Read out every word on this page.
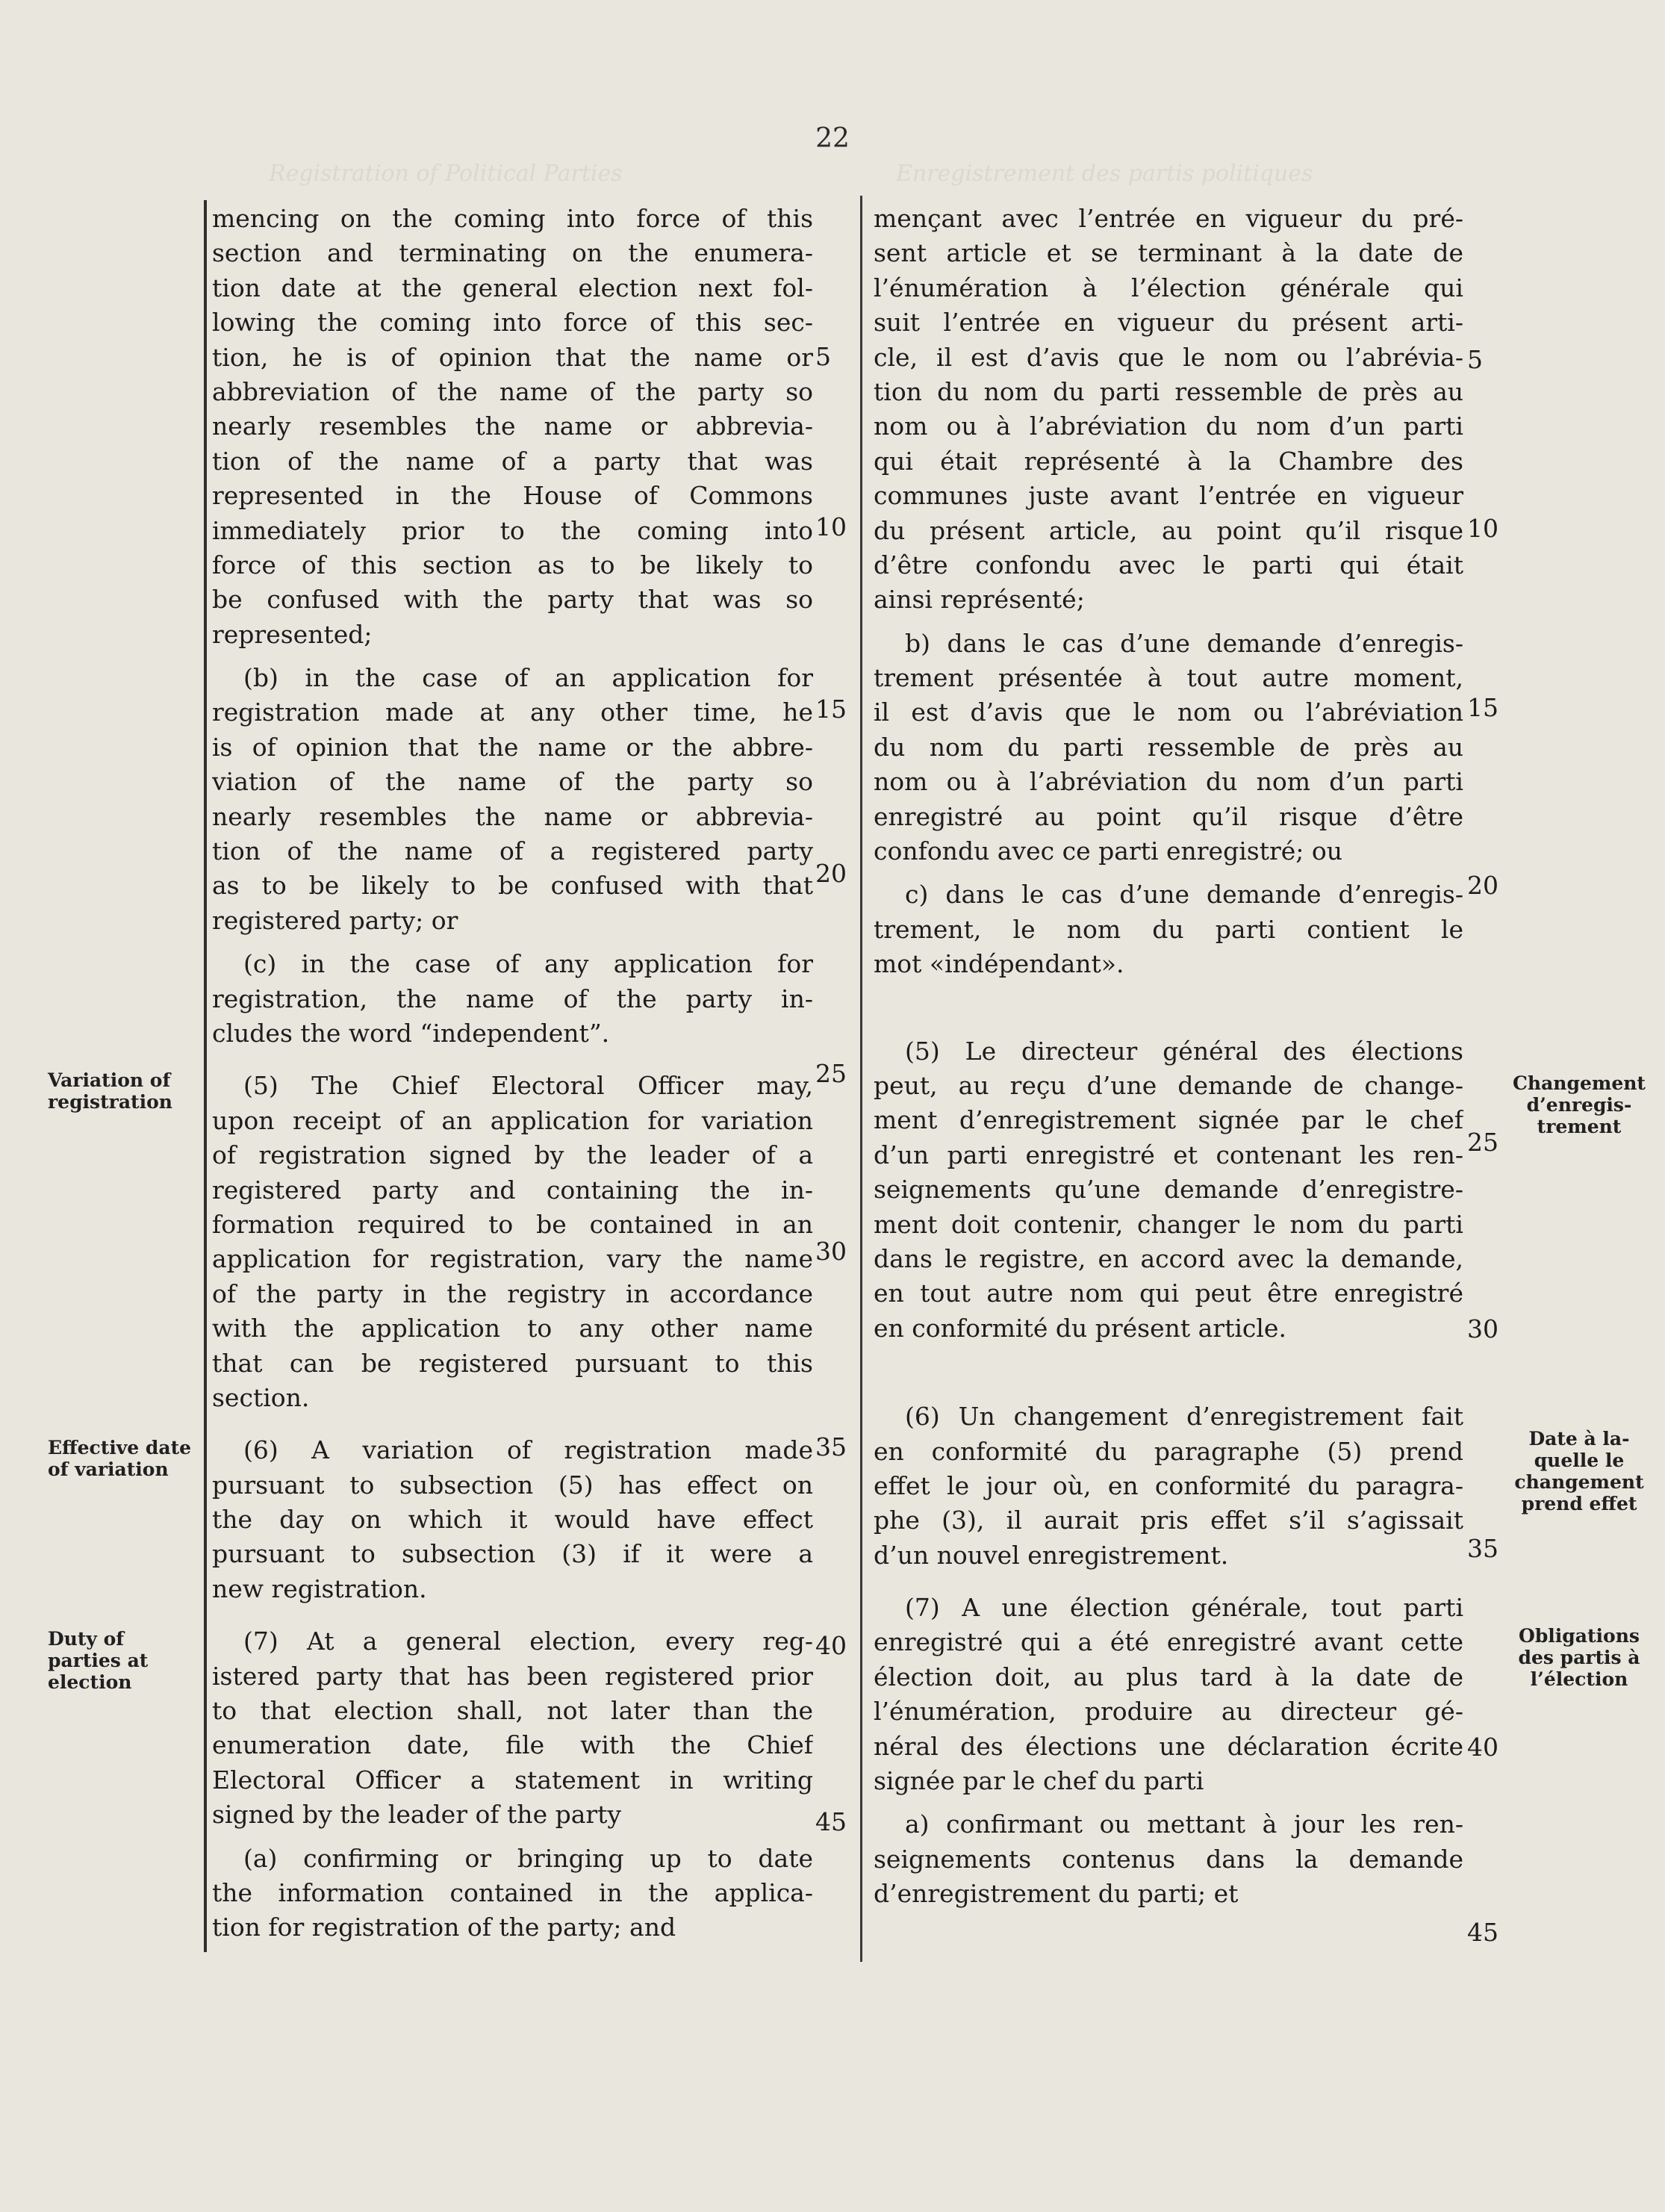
Registration of Political Parties	Enregistrement des partis politiques
22
mencing on the coming into force of this
section and terminating on the enumera-
tion date at the general election next fol-
lowing the coming into force of this sec-
tion, he is of opinion that the name or
abbreviation of the name of the party so
nearly resembles the name or abbrevia-
tion of the name of a party that was
represented in the House of Commons
immediately prior to the coming into
force of this section as to be likely to
be confused with the party that was so
represented;
(b) in the case of an application for
registration made at any other time, he
is of opinion that the name or the abbre-
viation of the name of the party so
nearly resembles the name or abbrevia-
tion of the name of a registered party
as to be likely to be confused with that
registered party; or
(c) in the case of any application for
registration, the name of the party in-
cludes the word “independent”.
(5) The Chief Electoral Officer may,
upon receipt of an application for variation
of registration signed by the leader of a
registered party and containing the in-
formation required to be contained in an
application for registration, vary the name
of the party in the registry in accordance
with the application to any other name
that can be registered pursuant to this
section.
(6) A variation of registration made
pursuant to subsection (5) has effect on
the day on which it would have effect
pursuant to subsection (3) if it were a
new registration.
(7) At a general election, every reg-
istered party that has been registered prior
to that election shall, not later than the
enumeration date, file with the Chief
Electoral Officer a statement in writing
signed by the leader of the party
(a) confirming or bringing up to date
the information contained in the applica-
tion for registration of the party; and
5
10
15
20
25
30
35
40
45
Variation of registration
Effective date of variation
Duty of parties at election
mençant avec l’entrée en vigueur du pré-
sent article et se terminant à la date de
l’énumération à l’élection générale qui
suit l’entrée en vigueur du présent arti-
cle, il est d’avis que le nom ou l’abrévia-
tion du nom du parti ressemble de près au
nom ou à l’abréviation du nom d’un parti
qui était représenté à la Chambre des
communes juste avant l’entrée en vigueur
du présent article, au point qu’il risque
d’être confondu avec le parti qui était
ainsi représenté;
b) dans le cas d’une demande d’enregis-
trement présentée à tout autre moment,
il est d’avis que le nom ou l’abréviation
du nom du parti ressemble de près au
nom ou à l’abréviation du nom d’un parti
enregistré au point qu’il risque d’être
confondu avec ce parti enregistré; ou
c) dans le cas d’une demande d’enregis-
trement, le nom du parti contient le
mot «indépendant».
(5) Le directeur général des élections
peut, au reçu d’une demande de change-
ment d’enregistrement signée par le chef
d’un parti enregistré et contenant les ren-
seignements qu’une demande d’enregistre-
ment doit contenir, changer le nom du parti
dans le registre, en accord avec la demande,
en tout autre nom qui peut être enregistré
en conformité du présent article.
(6) Un changement d’enregistrement fait
en conformité du paragraphe (5) prend
effet le jour où, en conformité du paragra-
phe (3), il aurait pris effet s’il s’agissait
d’un nouvel enregistrement.
(7) A une élection générale, tout parti
enregistré qui a été enregistré avant cette
élection doit, au plus tard à la date de
l’énumération, produire au directeur gé-
néral des élections une déclaration écrite
signée par le chef du parti
a) confirmant ou mettant à jour les ren-
seignements contenus dans la demande
d’enregistrement du parti; et
5
10
15
20
25
30
35
40
45
Changement d’enregis-trement
Date à la-quelle le changement prend effet
Obligations des partis à l’élection
